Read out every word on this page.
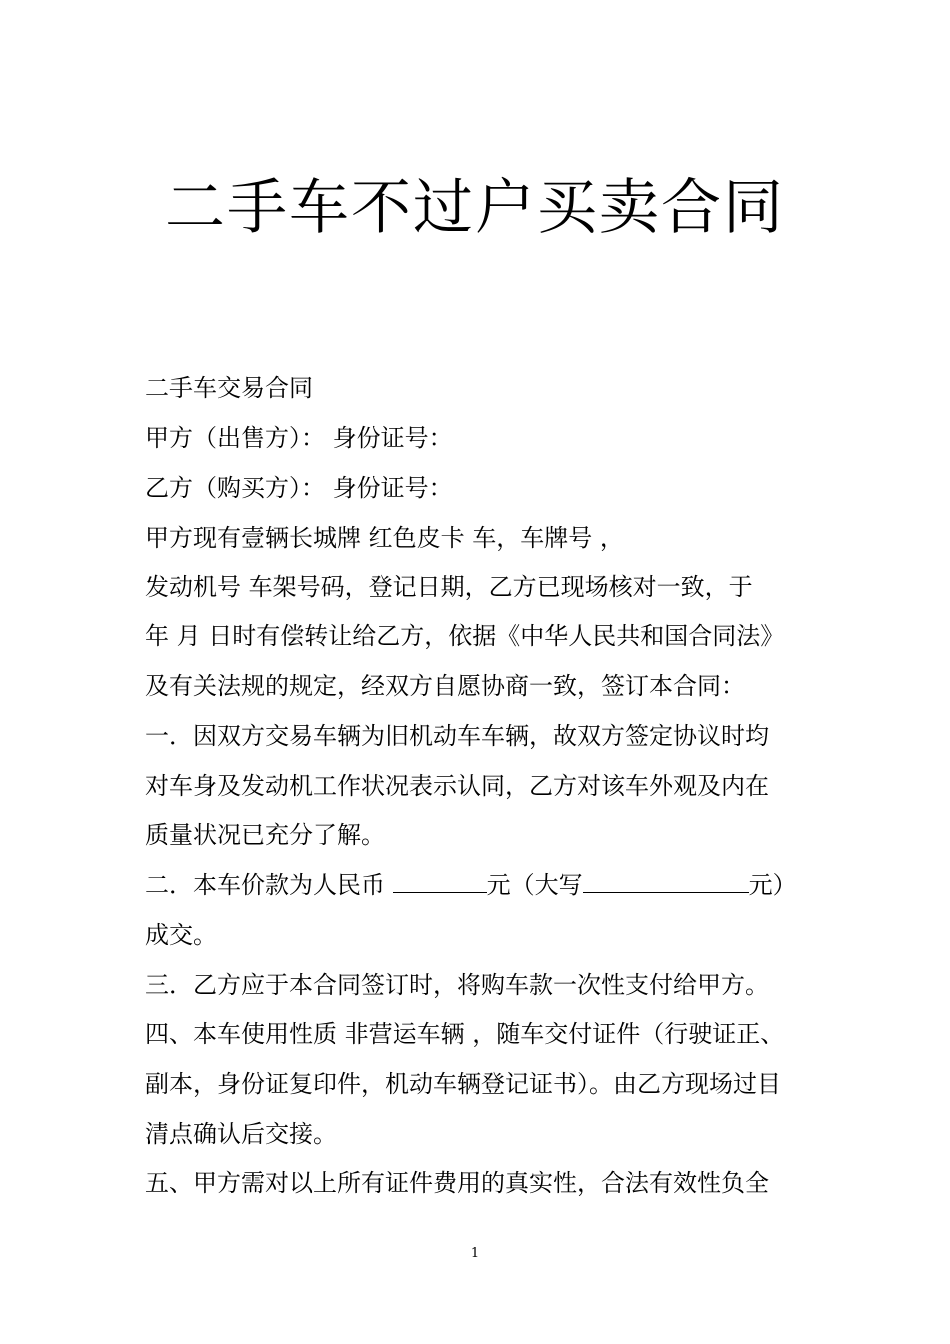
二手车不过户买卖合同
二手车交易合同
甲方（出售方）： 身份证号：
乙方（购买方）： 身份证号：
甲方现有壹辆长城牌 红色皮卡 车，车牌号 ，
发动机号 车架号码，登记日期，乙方已现场核对一致，于
年 月 日时有偿转让给乙方，依据《中华人民共和国合同法》
及有关法规的规定，经双方自愿协商一致，签订本合同：
一．因双方交易车辆为旧机动车车辆，故双方签定协议时均
对车身及发动机工作状况表示认同，乙方对该车外观及内在
质量状况已充分了解。
二．本车价款为人民币	元（大写	元）
成交。
三．乙方应于本合同签订时，将购车款一次性支付给甲方。
四、本车使用性质 非营运车辆 ，随车交付证件（行驶证正、
副本，身份证复印件，机动车辆登记证书）。由乙方现场过目
清点确认后交接。
五、甲方需对以上所有证件费用的真实性，合法有效性负全
1
